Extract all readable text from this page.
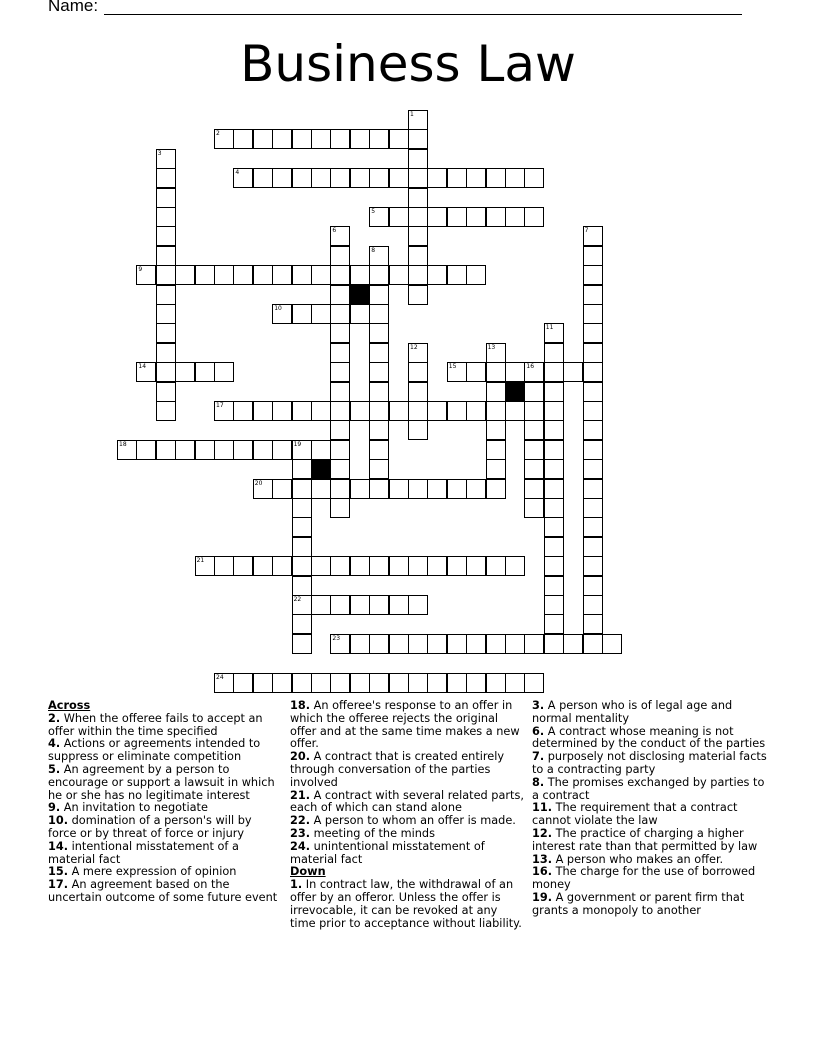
Name:
Business Law
1
2
3
4
5
6	7
8
9
10
11
12	13
14	15	16
17
18	19
22
20
21
23
24

Across

2. When the offeree fails to accept an offer within the time specified

4. Actions or agreements intended to suppress or eliminate competition

5. An agreement by a person to encourage or support a lawsuit in which he or she has no legitimate interest

9. An invitation to negotiate

10. domination of a person's will by force or by threat of force or injury

14. intentional misstatement of a material fact

15. A mere expression of opinion

17. An agreement based on the uncertain outcome of some future event

18. An offeree's response to an offer in which the offeree rejects the original offer and at the same time makes a new offer.

20. A contract that is created entirely through conversation of the parties involved

21. A contract with several related parts, each of which can stand alone

22. A person to whom an offer is made.

23. meeting of the minds

24. unintentional misstatement of material fact

Down

1. In contract law, the withdrawal of an offer by an offeror. Unless the offer is irrevocable, it can be revoked at any time prior to acceptance without liability.

3. A person who is of legal age and normal mentality

6. A contract whose meaning is not determined by the conduct of the parties

7. purposely not disclosing material facts to a contracting party

8. The promises exchanged by parties to a contract

11. The requirement that a contract cannot violate the law

12. The practice of charging a higher interest rate than that permitted by law

13. A person who makes an offer.

16. The charge for the use of borrowed money

19. A government or parent firm that grants a monopoly to another
